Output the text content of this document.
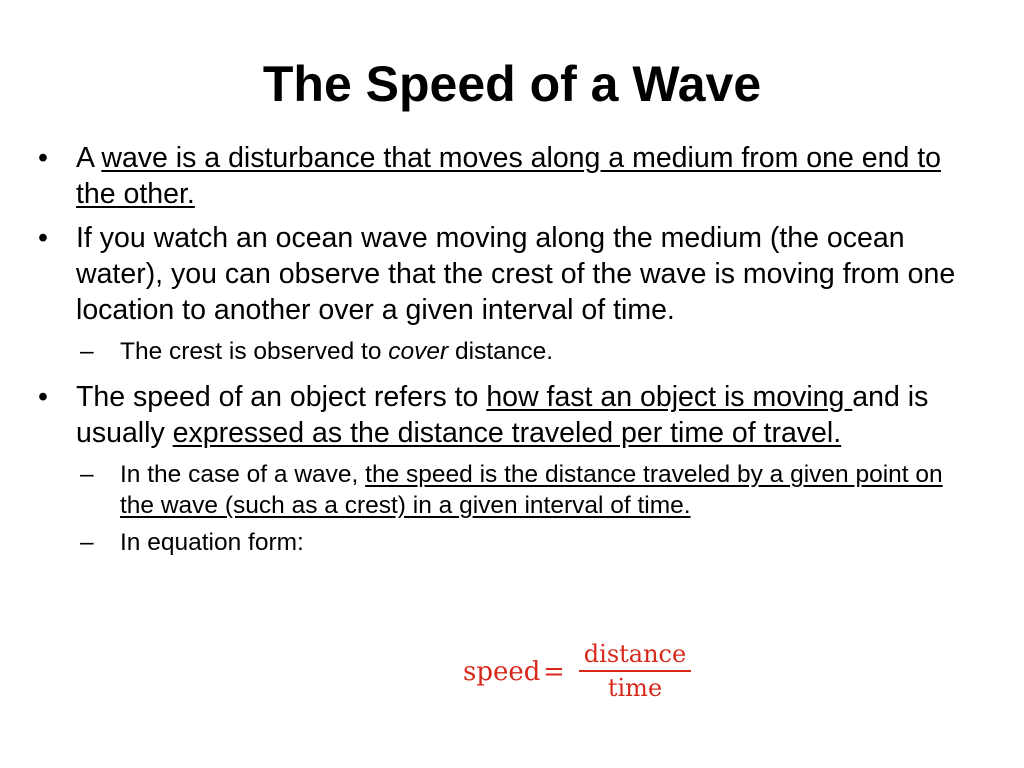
The Speed of a Wave
• A wave is a disturbance that moves along a medium from one end to the other.
• If you watch an ocean wave moving along the medium (the ocean water), you can observe that the crest of the wave is moving from one location to another over a given interval of time.
– The crest is observed to cover distance.
• The speed of an object refers to how fast an object is moving and is usually expressed as the distance traveled per time of travel.
– In the case of a wave, the speed is the distance traveled by a given point on the wave (such as a crest) in a given interval of time.
– In equation form:
speed =
distance
time
